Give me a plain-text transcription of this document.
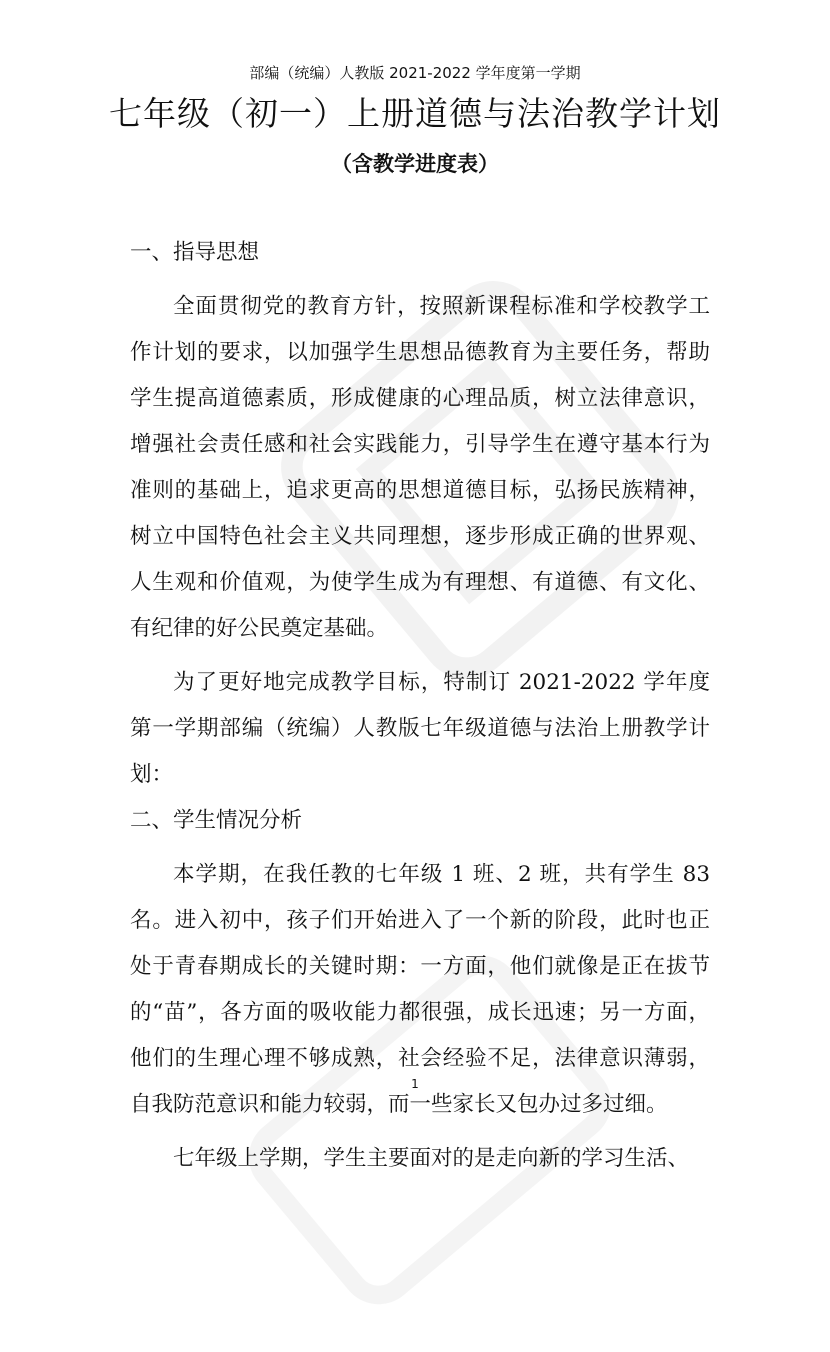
部编（统编）人教版 2021-2022 学年度第一学期
七年级（初一）上册道德与法治教学计划
（含教学进度表）

一、指导思想

全面贯彻党的教育方针，按照新课程标准和学校教学工作计划的要求，以加强学生思想品德教育为主要任务，帮助学生提高道德素质，形成健康的心理品质，树立法律意识，增强社会责任感和社会实践能力，引导学生在遵守基本行为准则的基础上，追求更高的思想道德目标，弘扬民族精神，树立中国特色社会主义共同理想，逐步形成正确的世界观、人生观和价值观，为使学生成为有理想、有道德、有文化、有纪律的好公民奠定基础。

为了更好地完成教学目标，特制订 2021-2022 学年度第一学期部编（统编）人教版七年级道德与法治上册教学计划：

二、学生情况分析

本学期，在我任教的七年级 1 班、2 班，共有学生 83 名。进入初中，孩子们开始进入了一个新的阶段，此时也正处于青春期成长的关键时期：一方面，他们就像是正在拔节的“苗”，各方面的吸收能力都很强，成长迅速；另一方面，他们的生理心理不够成熟，社会经验不足，法律意识薄弱，自我防范意识和能力较弱，而一些家长又包办过多过细。

七年级上学期，学生主要面对的是走向新的学习生活、

1
